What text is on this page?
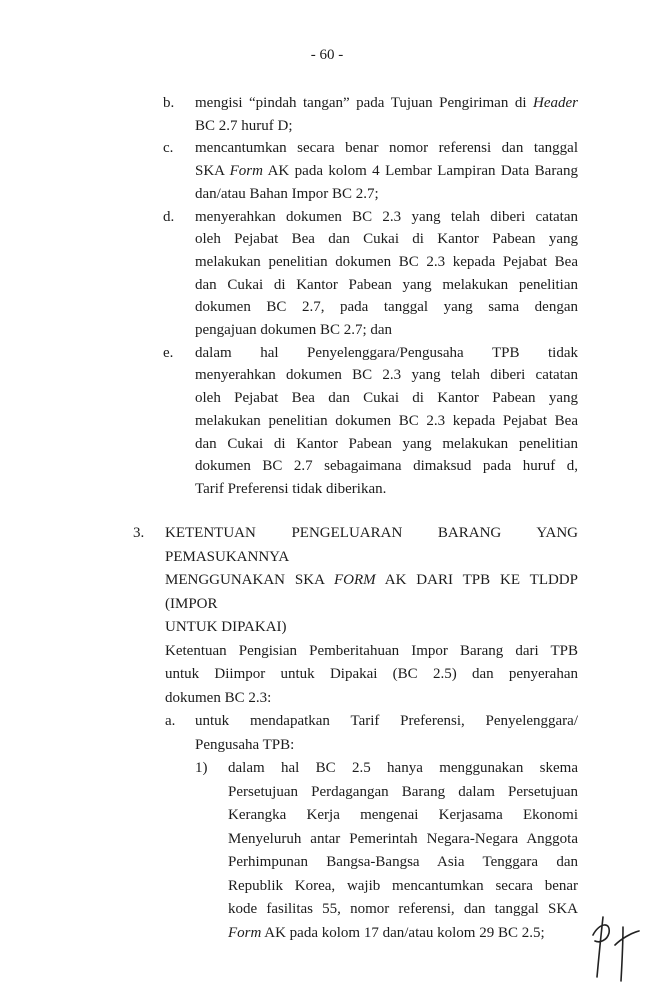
- 60 -
b. mengisi “pindah tangan” pada Tujuan Pengiriman di Header
BC 2.7 huruf D;
c. mencantumkan secara benar nomor referensi dan tanggal
SKA Form AK pada kolom 4 Lembar Lampiran Data Barang
dan/atau Bahan Impor BC 2.7;
d. menyerahkan dokumen BC 2.3 yang telah diberi catatan
oleh Pejabat Bea dan Cukai di Kantor Pabean yang
melakukan penelitian dokumen BC 2.3 kepada Pejabat Bea
dan Cukai di Kantor Pabean yang melakukan penelitian
dokumen BC 2.7, pada tanggal yang sama dengan
pengajuan dokumen BC 2.7; dan
e. dalam hal Penyelenggara/Pengusaha TPB tidak
menyerahkan dokumen BC 2.3 yang telah diberi catatan
oleh Pejabat Bea dan Cukai di Kantor Pabean yang
melakukan penelitian dokumen BC 2.3 kepada Pejabat Bea
dan Cukai di Kantor Pabean yang melakukan penelitian
dokumen BC 2.7 sebagaimana dimaksud pada huruf d,
Tarif Preferensi tidak diberikan.
3. KETENTUAN PENGELUARAN BARANG YANG PEMASUKANNYA
MENGGUNAKAN SKA FORM AK DARI TPB KE TLDDP (IMPOR
UNTUK DIPAKAI)
Ketentuan Pengisian Pemberitahuan Impor Barang dari TPB
untuk Diimpor untuk Dipakai (BC 2.5) dan penyerahan
dokumen BC 2.3:
a. untuk mendapatkan Tarif Preferensi, Penyelenggara/
Pengusaha TPB:
1) dalam hal BC 2.5 hanya menggunakan skema
Persetujuan Perdagangan Barang dalam Persetujuan
Kerangka Kerja mengenai Kerjasama Ekonomi
Menyeluruh antar Pemerintah Negara-Negara Anggota
Perhimpunan Bangsa-Bangsa Asia Tenggara dan
Republik Korea, wajib mencantumkan secara benar
kode fasilitas 55, nomor referensi, dan tanggal SKA
Form AK pada kolom 17 dan/atau kolom 29 BC 2.5;
